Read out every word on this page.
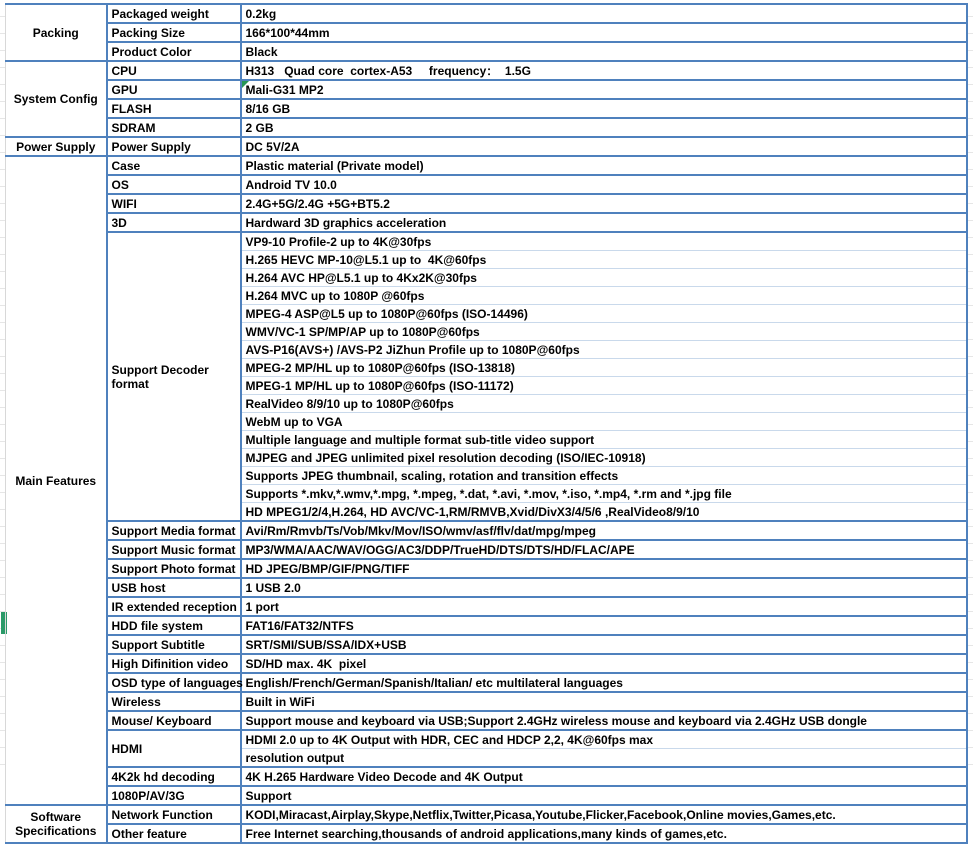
Packing	Packaged weight	0.2kg
	Packing Size	166*100*44mm
	Product Color	Black
System Config	CPU	H313   Quad core  cortex-A53     frequency：  1.5G
	GPU	Mali-G31 MP2

	FLASH	8/16 GB
	SDRAM	2 GB
Power Supply	Power Supply	DC 5V/2A
Main Features	Case	Plastic material (Private model)
	OS	Android TV 10.0
	WIFI	2.4G+5G/2.4G +5G+BT5.2
	3D	Hardward 3D graphics acceleration
	Support Decoder format	VP9-10 Profile-2 up to 4K@30fps
		H.265 HEVC MP-10@L5.1 up to  4K@60fps
		H.264 AVC HP@L5.1 up to 4Kx2K@30fps
		H.264 MVC up to 1080P @60fps
		MPEG-4 ASP@L5 up to 1080P@60fps (ISO-14496)
		WMV/VC-1 SP/MP/AP up to 1080P@60fps
		AVS-P16(AVS+) /AVS-P2 JiZhun Profile up to 1080P@60fps
		MPEG-2 MP/HL up to 1080P@60fps (ISO-13818)
		MPEG-1 MP/HL up to 1080P@60fps (ISO-11172)
		RealVideo 8/9/10 up to 1080P@60fps
		WebM up to VGA
		Multiple language and multiple format sub-title video support
		MJPEG and JPEG unlimited pixel resolution decoding (ISO/IEC-10918)
		Supports JPEG thumbnail, scaling, rotation and transition effects
		Supports *.mkv,*.wmv,*.mpg, *.mpeg, *.dat, *.avi, *.mov, *.iso, *.mp4, *.rm and *.jpg file
		HD MPEG1/2/4,H.264, HD AVC/VC-1,RM/RMVB,Xvid/DivX3/4/5/6 ,RealVideo8/9/10
	Support Media format	Avi/Rm/Rmvb/Ts/Vob/Mkv/Mov/ISO/wmv/asf/flv/dat/mpg/mpeg
	Support Music format	MP3/WMA/AAC/WAV/OGG/AC3/DDP/TrueHD/DTS/DTS/HD/FLAC/APE
	Support Photo format	HD JPEG/BMP/GIF/PNG/TIFF
	USB host	1 USB 2.0
	IR extended reception	1 port
	HDD file system	FAT16/FAT32/NTFS
	Support Subtitle	SRT/SMI/SUB/SSA/IDX+USB
	High Difinition video	SD/HD max. 4K  pixel
	OSD type of languages	English/French/German/Spanish/Italian/ etc multilateral languages
	Wireless	Built in WiFi
	Mouse/ Keyboard	Support mouse and keyboard via USB;Support 2.4GHz wireless mouse and keyboard via 2.4GHz USB dongle
	HDMI	HDMI 2.0 up to 4K Output with HDR, CEC and HDCP 2,2, 4K@60fps max
		resolution output
	4K2k hd decoding	4K H.265 Hardware Video Decode and 4K Output
	1080P/AV/3G	Support
Software Specifications	Network Function	KODI,Miracast,Airplay,Skype,Netflix,Twitter,Picasa,Youtube,Flicker,Facebook,Online movies,Games,etc.
	Other feature	Free Internet searching,thousands of android applications,many kinds of games,etc.
